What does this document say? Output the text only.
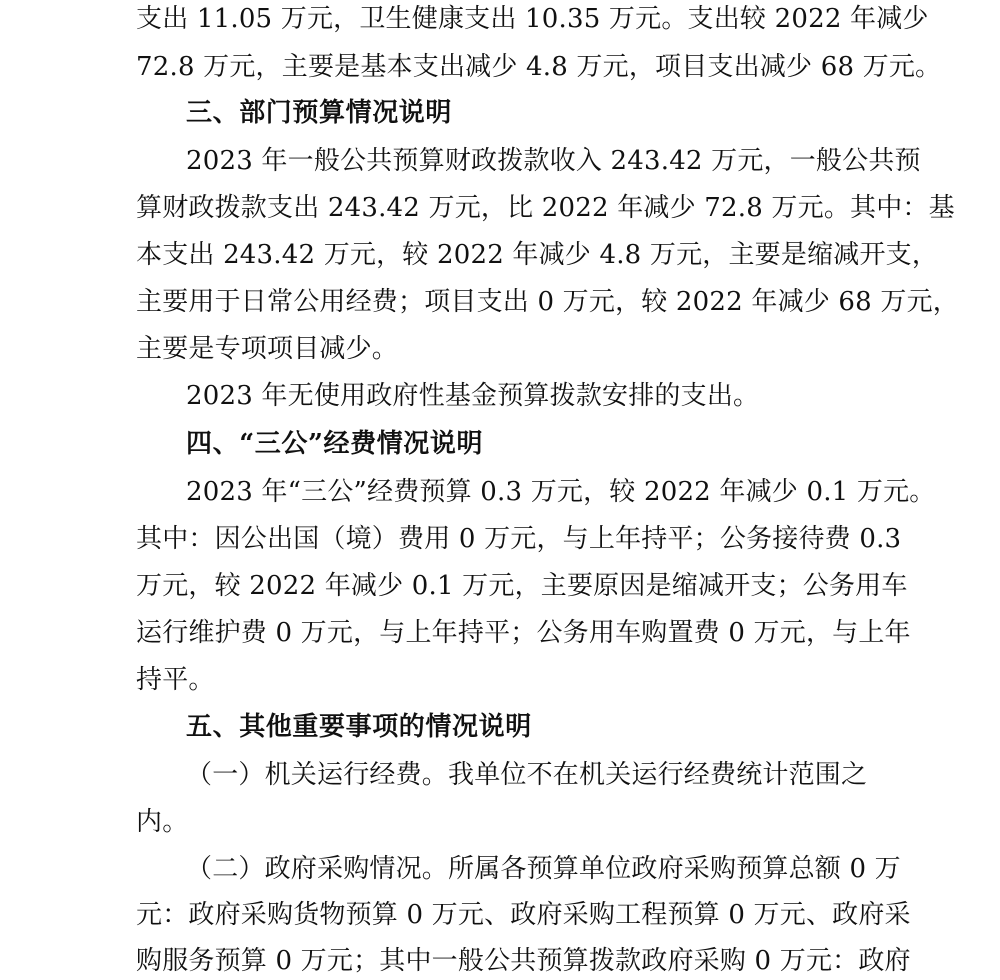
支出 11.05 万元，卫生健康支出 10.35 万元。支出较 2022 年减少
72.8 万元，主要是基本支出减少 4.8 万元，项目支出减少 68 万元。
三、部门预算情况说明
2023 年一般公共预算财政拨款收入 243.42 万元，一般公共预
算财政拨款支出 243.42 万元，比 2022 年减少 72.8 万元。其中：基
本支出 243.42 万元，较 2022 年减少 4.8 万元，主要是缩减开支，
主要用于日常公用经费；项目支出 0 万元，较 2022 年减少 68 万元，
主要是专项项目减少。
2023 年无使用政府性基金预算拨款安排的支出。
四、“三公”经费情况说明
2023 年“三公”经费预算 0.3 万元，较 2022 年减少 0.1 万元。
其中：因公出国（境）费用 0 万元，与上年持平；公务接待费 0.3
万元，较 2022 年减少 0.1 万元，主要原因是缩减开支；公务用车
运行维护费 0 万元，与上年持平；公务用车购置费 0 万元，与上年
持平。
五、其他重要事项的情况说明
（一）机关运行经费。我单位不在机关运行经费统计范围之
内。
（二）政府采购情况。所属各预算单位政府采购预算总额 0 万
元：政府采购货物预算 0 万元、政府采购工程预算 0 万元、政府采
购服务预算 0 万元；其中一般公共预算拨款政府采购 0 万元：政府
